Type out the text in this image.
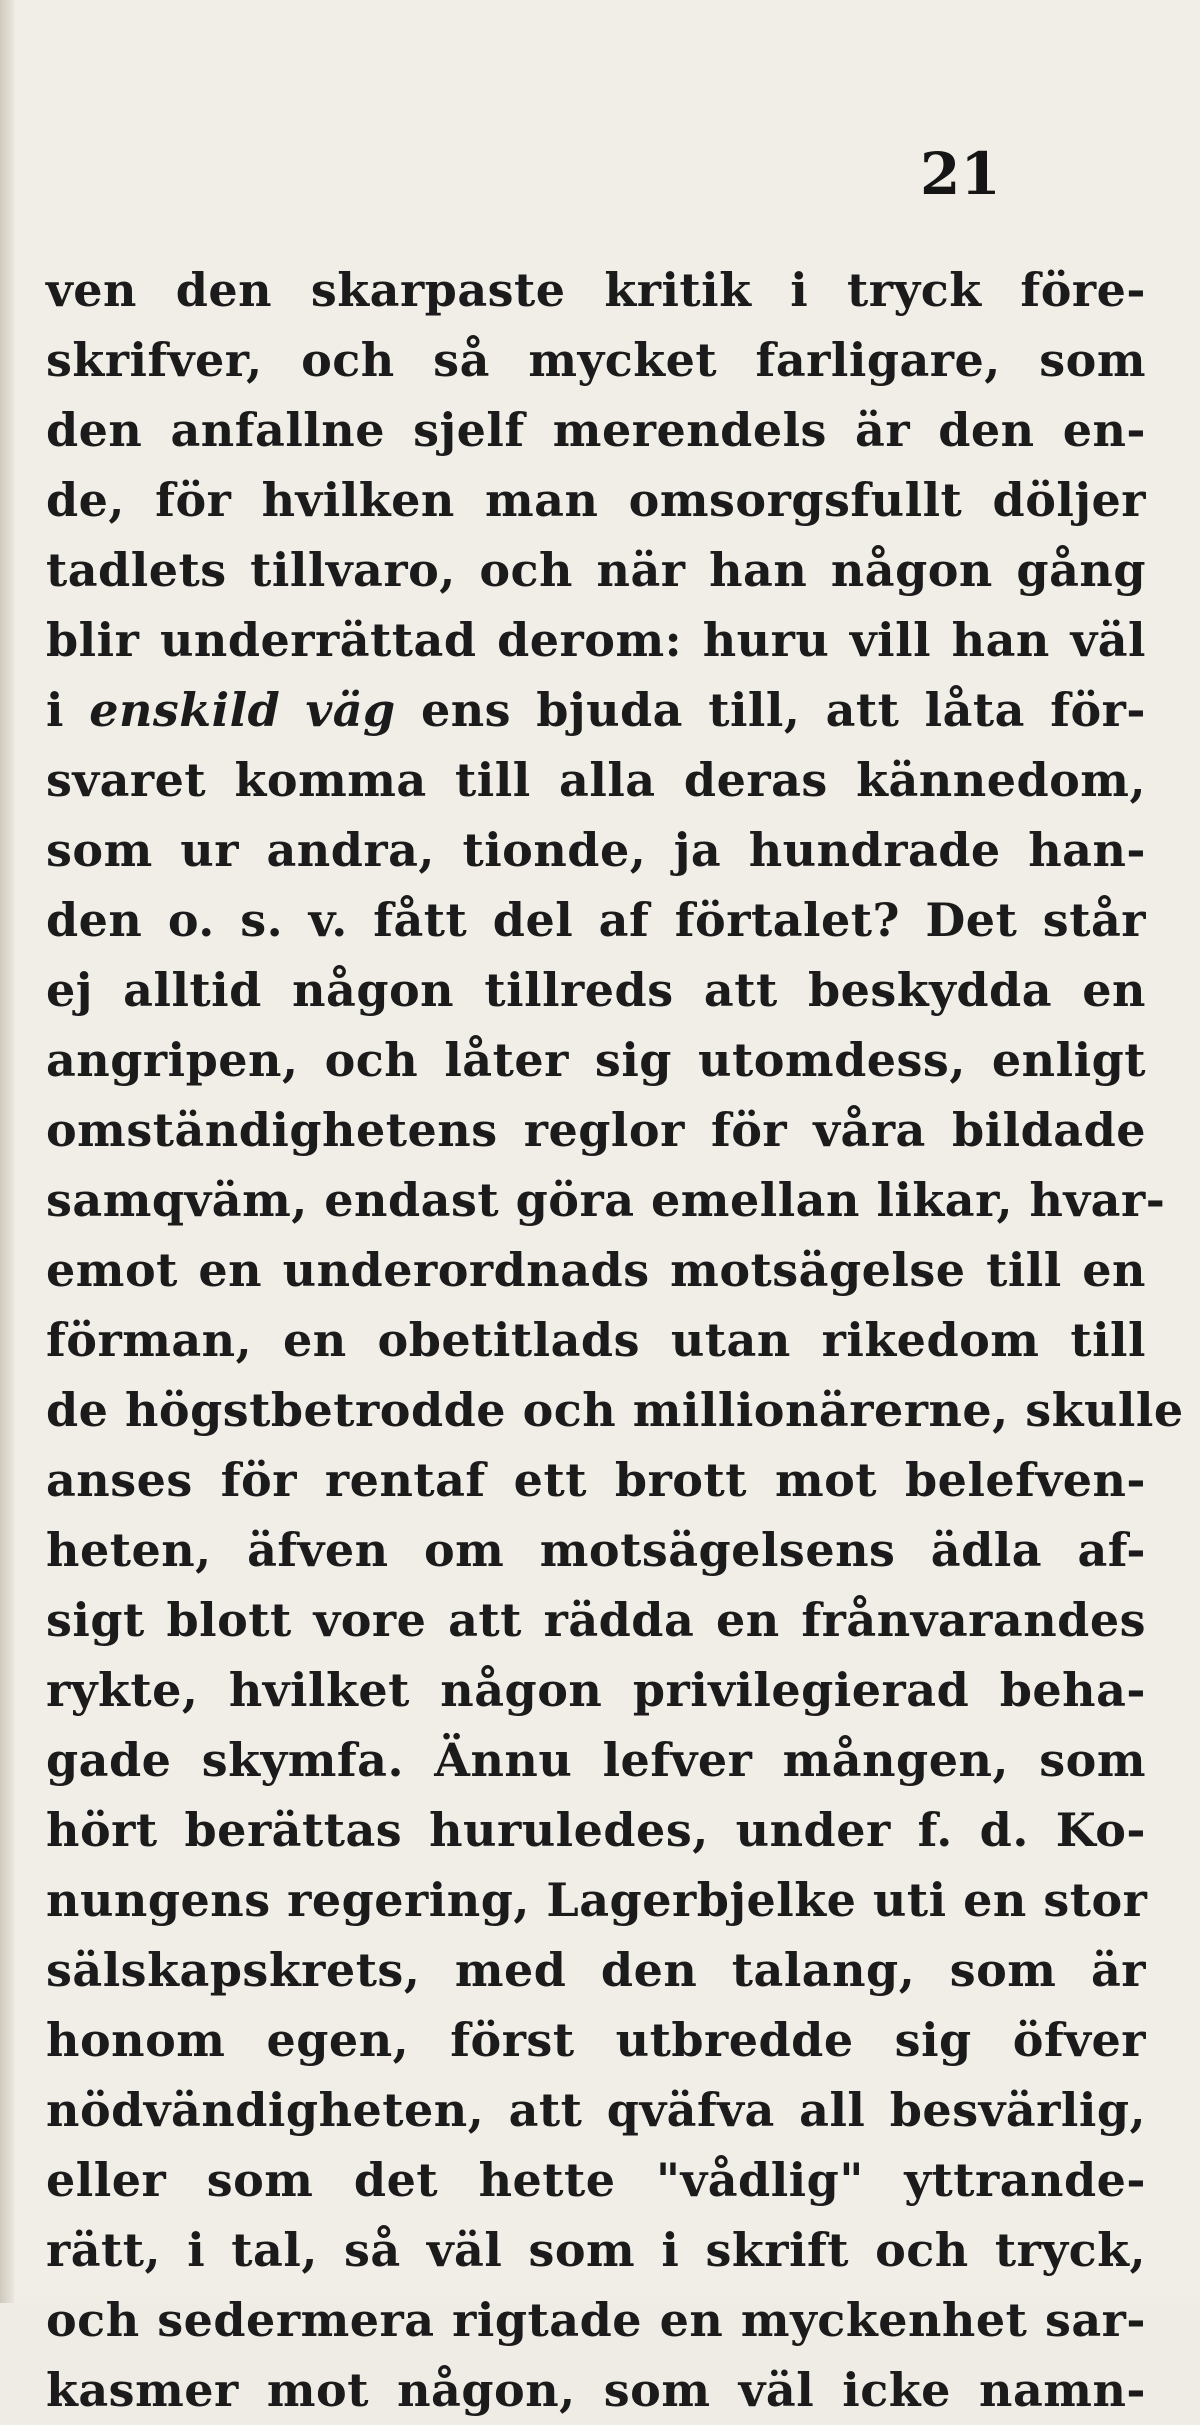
21
ven den skarpaste kritik i tryck före-
skrifver, och så mycket farligare, som
den anfallne sjelf merendels är den en-
de, för hvilken man omsorgsfullt döljer
tadlets tillvaro, och när han någon gång
blir underrättad derom: huru vill han väl
i enskild väg ens bjuda till, att låta för-
svaret komma till alla deras kännedom,
som ur andra, tionde, ja hundrade han-
den o. s. v. fått del af förtalet? Det står
ej alltid någon tillreds att beskydda en
angripen, och låter sig utomdess, enligt
omständighetens reglor för våra bildade
samqväm, endast göra emellan likar, hvar-
emot en underordnads motsägelse till en
förman, en obetitlads utan rikedom till
de högstbetrodde och millionärerne, skulle
anses för rentaf ett brott mot belefven-
heten, äfven om motsägelsens ädla af-
sigt blott vore att rädda en frånvarandes
rykte, hvilket någon privilegierad beha-
gade skymfa. Ännu lefver mången, som
hört berättas huruledes, under f. d. Ko-
nungens regering, Lagerbjelke uti en stor
sälskapskrets, med den talang, som är
honom egen, först utbredde sig öfver
nödvändigheten, att qväfva all besvärlig,
eller som det hette "vådlig" yttrande-
rätt, i tal, så väl som i skrift och tryck,
och sedermera rigtade en myckenhet sar-
kasmer mot någon, som väl icke namn-
